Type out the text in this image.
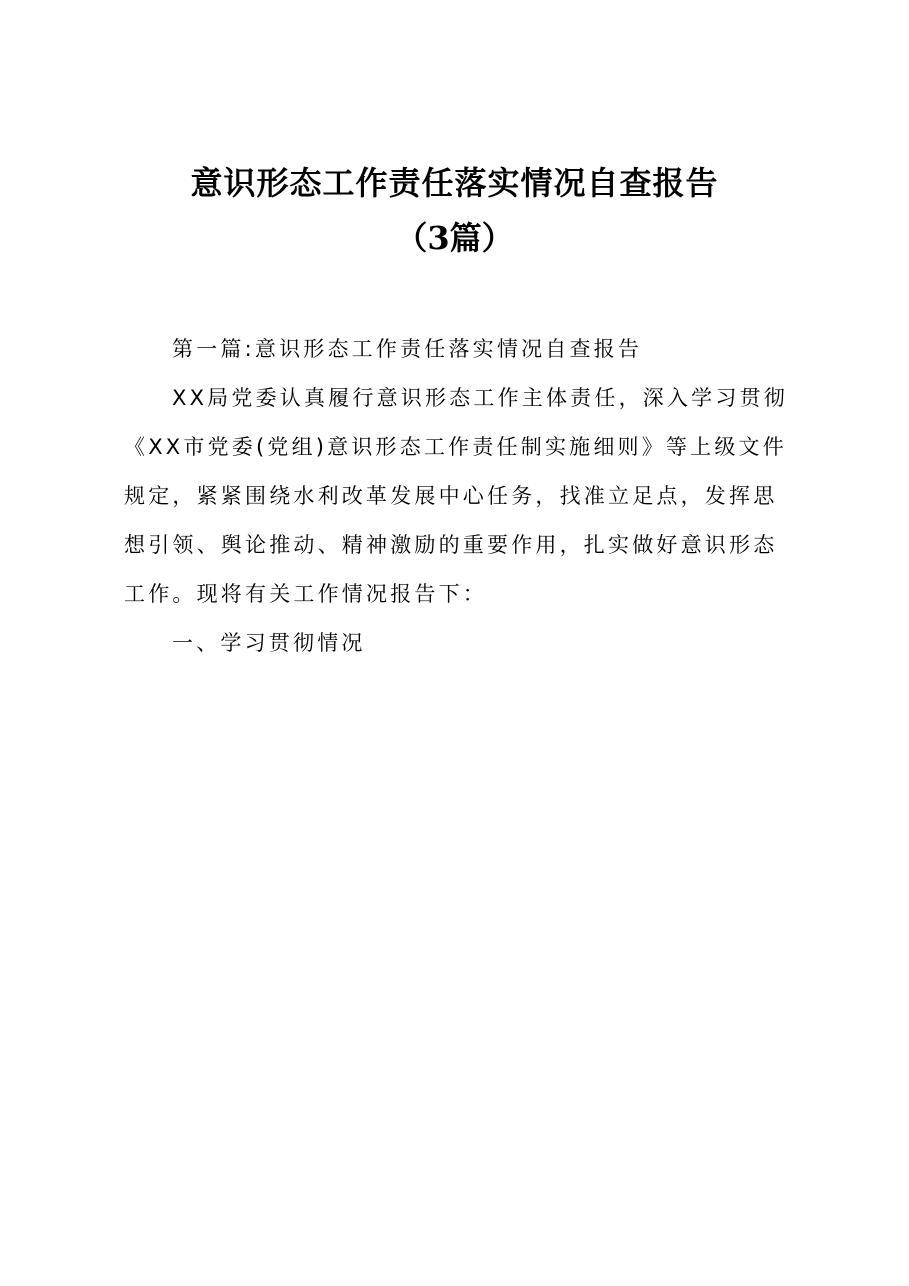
意识形态工作责任落实情况自查报告
（3篇）
第一篇:意识形态工作责任落实情况自查报告
XX局党委认真履行意识形态工作主体责任，深入学习贯彻
《XX市党委(党组)意识形态工作责任制实施细则》等上级文件
规定，紧紧围绕水利改革发展中心任务，找准立足点，发挥思
想引领、舆论推动、精神激励的重要作用，扎实做好意识形态
工作。现将有关工作情况报告下：
一、学习贯彻情况
